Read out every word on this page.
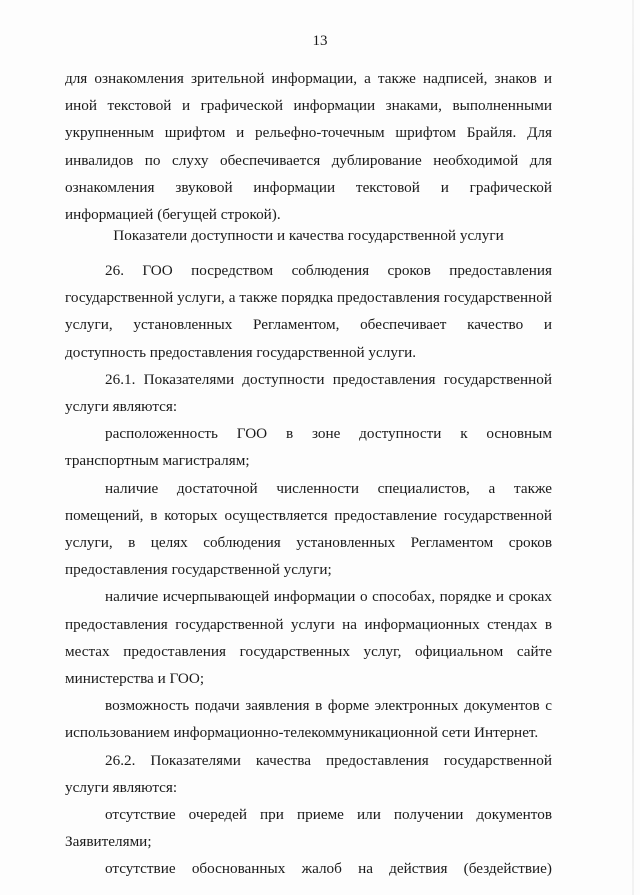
13

для ознакомления зрительной информации, а также надписей, знаков и иной текстовой и графической информации знаками, выполненными укрупненным шрифтом и рельефно-точечным шрифтом Брайля. Для инвалидов по слуху обеспечивается дублирование необходимой для ознакомления звуковой информации текстовой и графической информацией (бегущей строкой).

Показатели доступности и качества государственной услуги

26. ГОО посредством соблюдения сроков предоставления государственной услуги, а также порядка предоставления государственной услуги, установленных Регламентом, обеспечивает качество и доступность предоставления государственной услуги.

26.1. Показателями доступности предоставления государственной услуги являются:

расположенность ГОО в зоне доступности к основным транспортным магистралям;

наличие достаточной численности специалистов, а также помещений, в которых осуществляется предоставление государственной услуги, в целях соблюдения установленных Регламентом сроков предоставления государственной услуги;

наличие исчерпывающей информации о способах, порядке и сроках предоставления государственной услуги на информационных стендах в местах предоставления государственных услуг, официальном сайте министерства и ГОО;

возможность подачи заявления в форме электронных документов с использованием информационно-телекоммуникационной сети Интернет.

26.2. Показателями качества предоставления государственной услуги являются:

отсутствие очередей при приеме или получении документов Заявителями;

отсутствие обоснованных жалоб на действия (бездействие)
